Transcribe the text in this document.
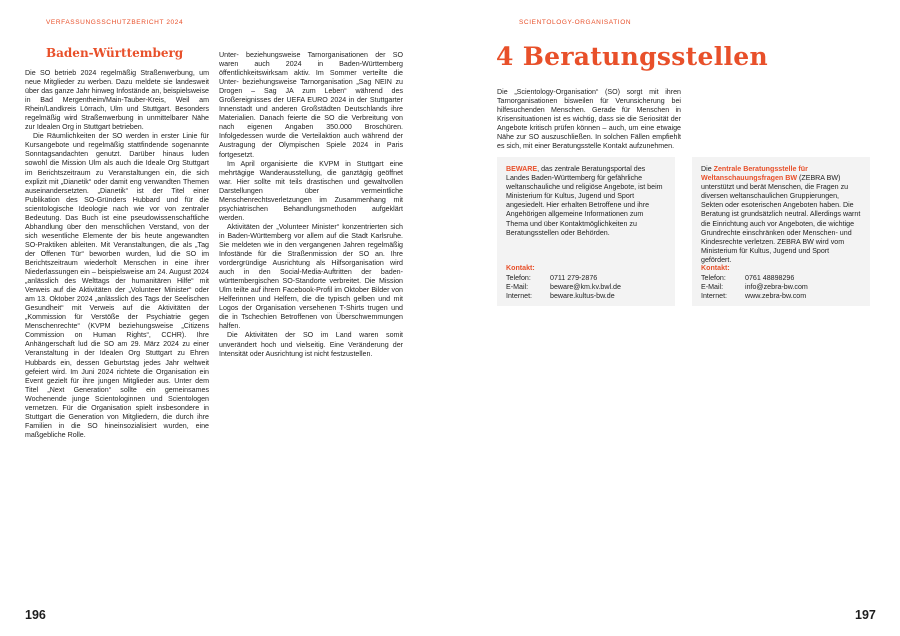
VERFASSUNGSSCHUTZBERICHT 2024
Baden-Württemberg

Die SO betrieb 2024 regelmäßig Straßenwerbung, um neue Mitglieder zu werben. Dazu meldete sie landesweit über das ganze Jahr hinweg Infostände an, beispielsweise in Bad Mergentheim/Main-Tauber-Kreis, Weil am Rhein/Landkreis Lörrach, Ulm und Stuttgart. Besonders regelmäßig wird Straßenwerbung in unmittelbarer Nähe zur Idealen Org in Stuttgart betrieben.

Die Räumlichkeiten der SO werden in erster Linie für Kursangebote und regelmäßig stattfindende sogenannte Sonntagsandachten genutzt. Darüber hinaus luden sowohl die Mission Ulm als auch die Ideale Org Stuttgart im Berichtszeitraum zu Veranstaltungen ein, die sich explizit mit „Dianetik“ oder damit eng verwandten Themen auseinandersetzten. „Dianetik“ ist der Titel einer Publikation des SO-Gründers Hubbard und für die scientologische Ideologie nach wie vor von zentraler Bedeutung. Das Buch ist eine pseudowissenschaftliche Abhandlung über den menschlichen Verstand, von der sich wesentliche Elemente der bis heute angewandten SO-Praktiken ableiten. Mit Veranstaltungen, die als „Tag der Offenen Tür“ beworben wurden, lud die SO im Berichtszeitraum wiederholt Menschen in eine ihrer Niederlassungen ein – beispielsweise am 24. August 2024 „anlässlich des Welttags der humanitären Hilfe“ mit Verweis auf die Aktivitäten der „Volunteer Minister“ oder am 13. Oktober 2024 „anlässlich des Tags der Seelischen Gesundheit“ mit Verweis auf die Aktivitäten der „Kommission für Verstöße der Psychiatrie gegen Menschenrechte“ (KVPM beziehungsweise „Citizens Commission on Human Rights“, CCHR). Ihre Anhängerschaft lud die SO am 29. März 2024 zu einer Veranstaltung in der Idealen Org Stuttgart zu Ehren Hubbards ein, dessen Geburtstag jedes Jahr weltweit gefeiert wird. Im Juni 2024 richtete die Organisation ein Event gezielt für ihre jungen Mitglieder aus. Unter dem Titel „Next Generation“ sollte ein gemeinsames Wochenende junge Scientologinnen und Scientologen vernetzen. Für die Organisation spielt insbesondere in Stuttgart die Generation von Mitgliedern, die durch ihre Familien in die SO hineinsozialisiert wurden, eine maßgebliche Rolle.

Unter- beziehungsweise Tarnorganisationen der SO waren auch 2024 in Baden-Württemberg öffentlichkeitswirksam aktiv. Im Sommer verteilte die Unter- beziehungsweise Tarnorganisation „Sag NEIN zu Drogen – Sag JA zum Leben“ während des Großereignisses der UEFA EURO 2024 in der Stuttgarter Innenstadt und anderen Großstädten Deutschlands ihre Materialien. Danach feierte die SO die Verbreitung von nach eigenen Angaben 350.000 Broschüren. Infolgedessen wurde die Verteilaktion auch während der Austragung der Olympischen Spiele 2024 in Paris fortgesetzt.

Im April organisierte die KVPM in Stuttgart eine mehrtägige Wanderausstellung, die ganztägig geöffnet war. Hier sollte mit teils drastischen und gewaltvollen Darstellungen über vermeintliche Menschenrechtsverletzungen im Zusammenhang mit psychiatrischen Behandlungsmethoden aufgeklärt werden.

Aktivitäten der „Volunteer Minister“ konzentrierten sich in Baden-Württemberg vor allem auf die Stadt Karlsruhe. Sie meldeten wie in den vergangenen Jahren regelmäßig Infostände für die Straßenmission der SO an. Ihre vordergründige Ausrichtung als Hilfsorganisation wird auch in den Social-Media-Auftritten der baden-württembergischen SO-Standorte verbreitet. Die Mission Ulm teilte auf ihrem Facebook-Profil im Oktober Bilder von Helferinnen und Helfern, die die typisch gelben und mit Logos der Organisation versehenen T-Shirts trugen und die in Tschechien Betroffenen von Überschwemmungen halfen.

Die Aktivitäten der SO im Land waren somit unverändert hoch und vielseitig. Eine Veränderung der Intensität oder Ausrichtung ist nicht festzustellen.

196
SCIENTOLOGY-ORGANISATION
4 Beratungsstellen

Die „Scientology-Organisation“ (SO) sorgt mit ihren Tarnorganisationen bisweilen für Verunsicherung bei hilfesuchenden Menschen. Gerade für Menschen in Krisensituationen ist es wichtig, dass sie die Seriosität der Angebote kritisch prüfen können – auch, um eine etwaige Nähe zur SO auszuschließen. In solchen Fällen empfiehlt es sich, mit einer Beratungsstelle Kontakt aufzunehmen.

BEWARE, das zentrale Beratungsportal des Landes Baden-Württemberg für gefährliche weltanschauliche und religiöse Angebote, ist beim Ministerium für Kultus, Jugend und Sport angesiedelt. Hier erhalten Betroffene und ihre Angehörigen allgemeine Informationen zum Thema und über Kontaktmöglichkeiten zu Beratungsstellen oder Behörden.

Kontakt:
Telefon:	0711 279-2876
E-Mail:	beware@km.kv.bwl.de
Internet:	beware.kultus-bw.de

Die Zentrale Beratungsstelle für Weltanschauungsfragen BW (ZEBRA BW) unterstützt und berät Menschen, die Fragen zu diversen weltanschaulichen Gruppierungen, Sekten oder esoterischen Angeboten haben. Die Beratung ist grundsätzlich neutral. Allerdings warnt die Einrichtung auch vor Angeboten, die wichtige Grundrechte einschränken oder Menschen- und Kindesrechte verletzen. ZEBRA BW wird vom Ministerium für Kultus, Jugend und Sport gefördert.

Kontakt:
Telefon:	0761 48898296
E-Mail:	info@zebra-bw.com
Internet:	www.zebra-bw.com
197
